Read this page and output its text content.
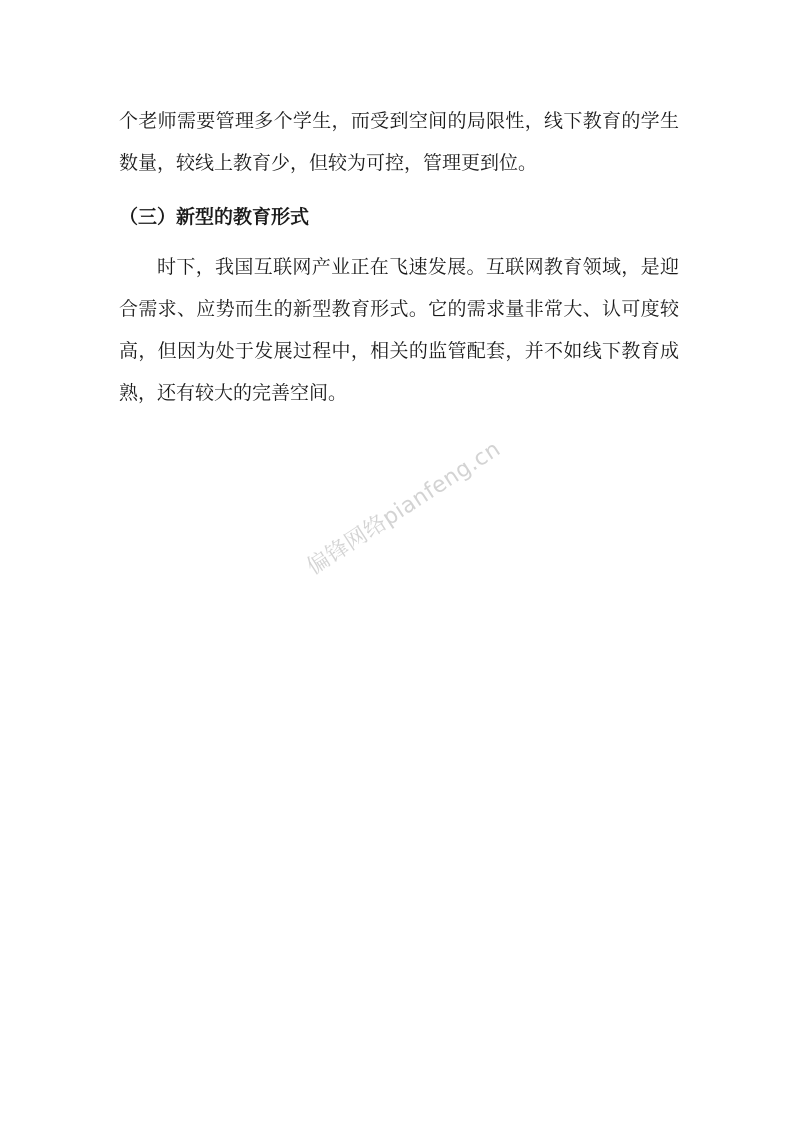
个老师需要管理多个学生，而受到空间的局限性，线下教育的学生数量，较线上教育少，但较为可控，管理更到位。

（三）新型的教育形式

时下，我国互联网产业正在飞速发展。互联网教育领域，是迎合需求、应势而生的新型教育形式。它的需求量非常大、认可度较高，但因为处于发展过程中，相关的监管配套，并不如线下教育成熟，还有较大的完善空间。

偏锋网络pianfeng.cn
